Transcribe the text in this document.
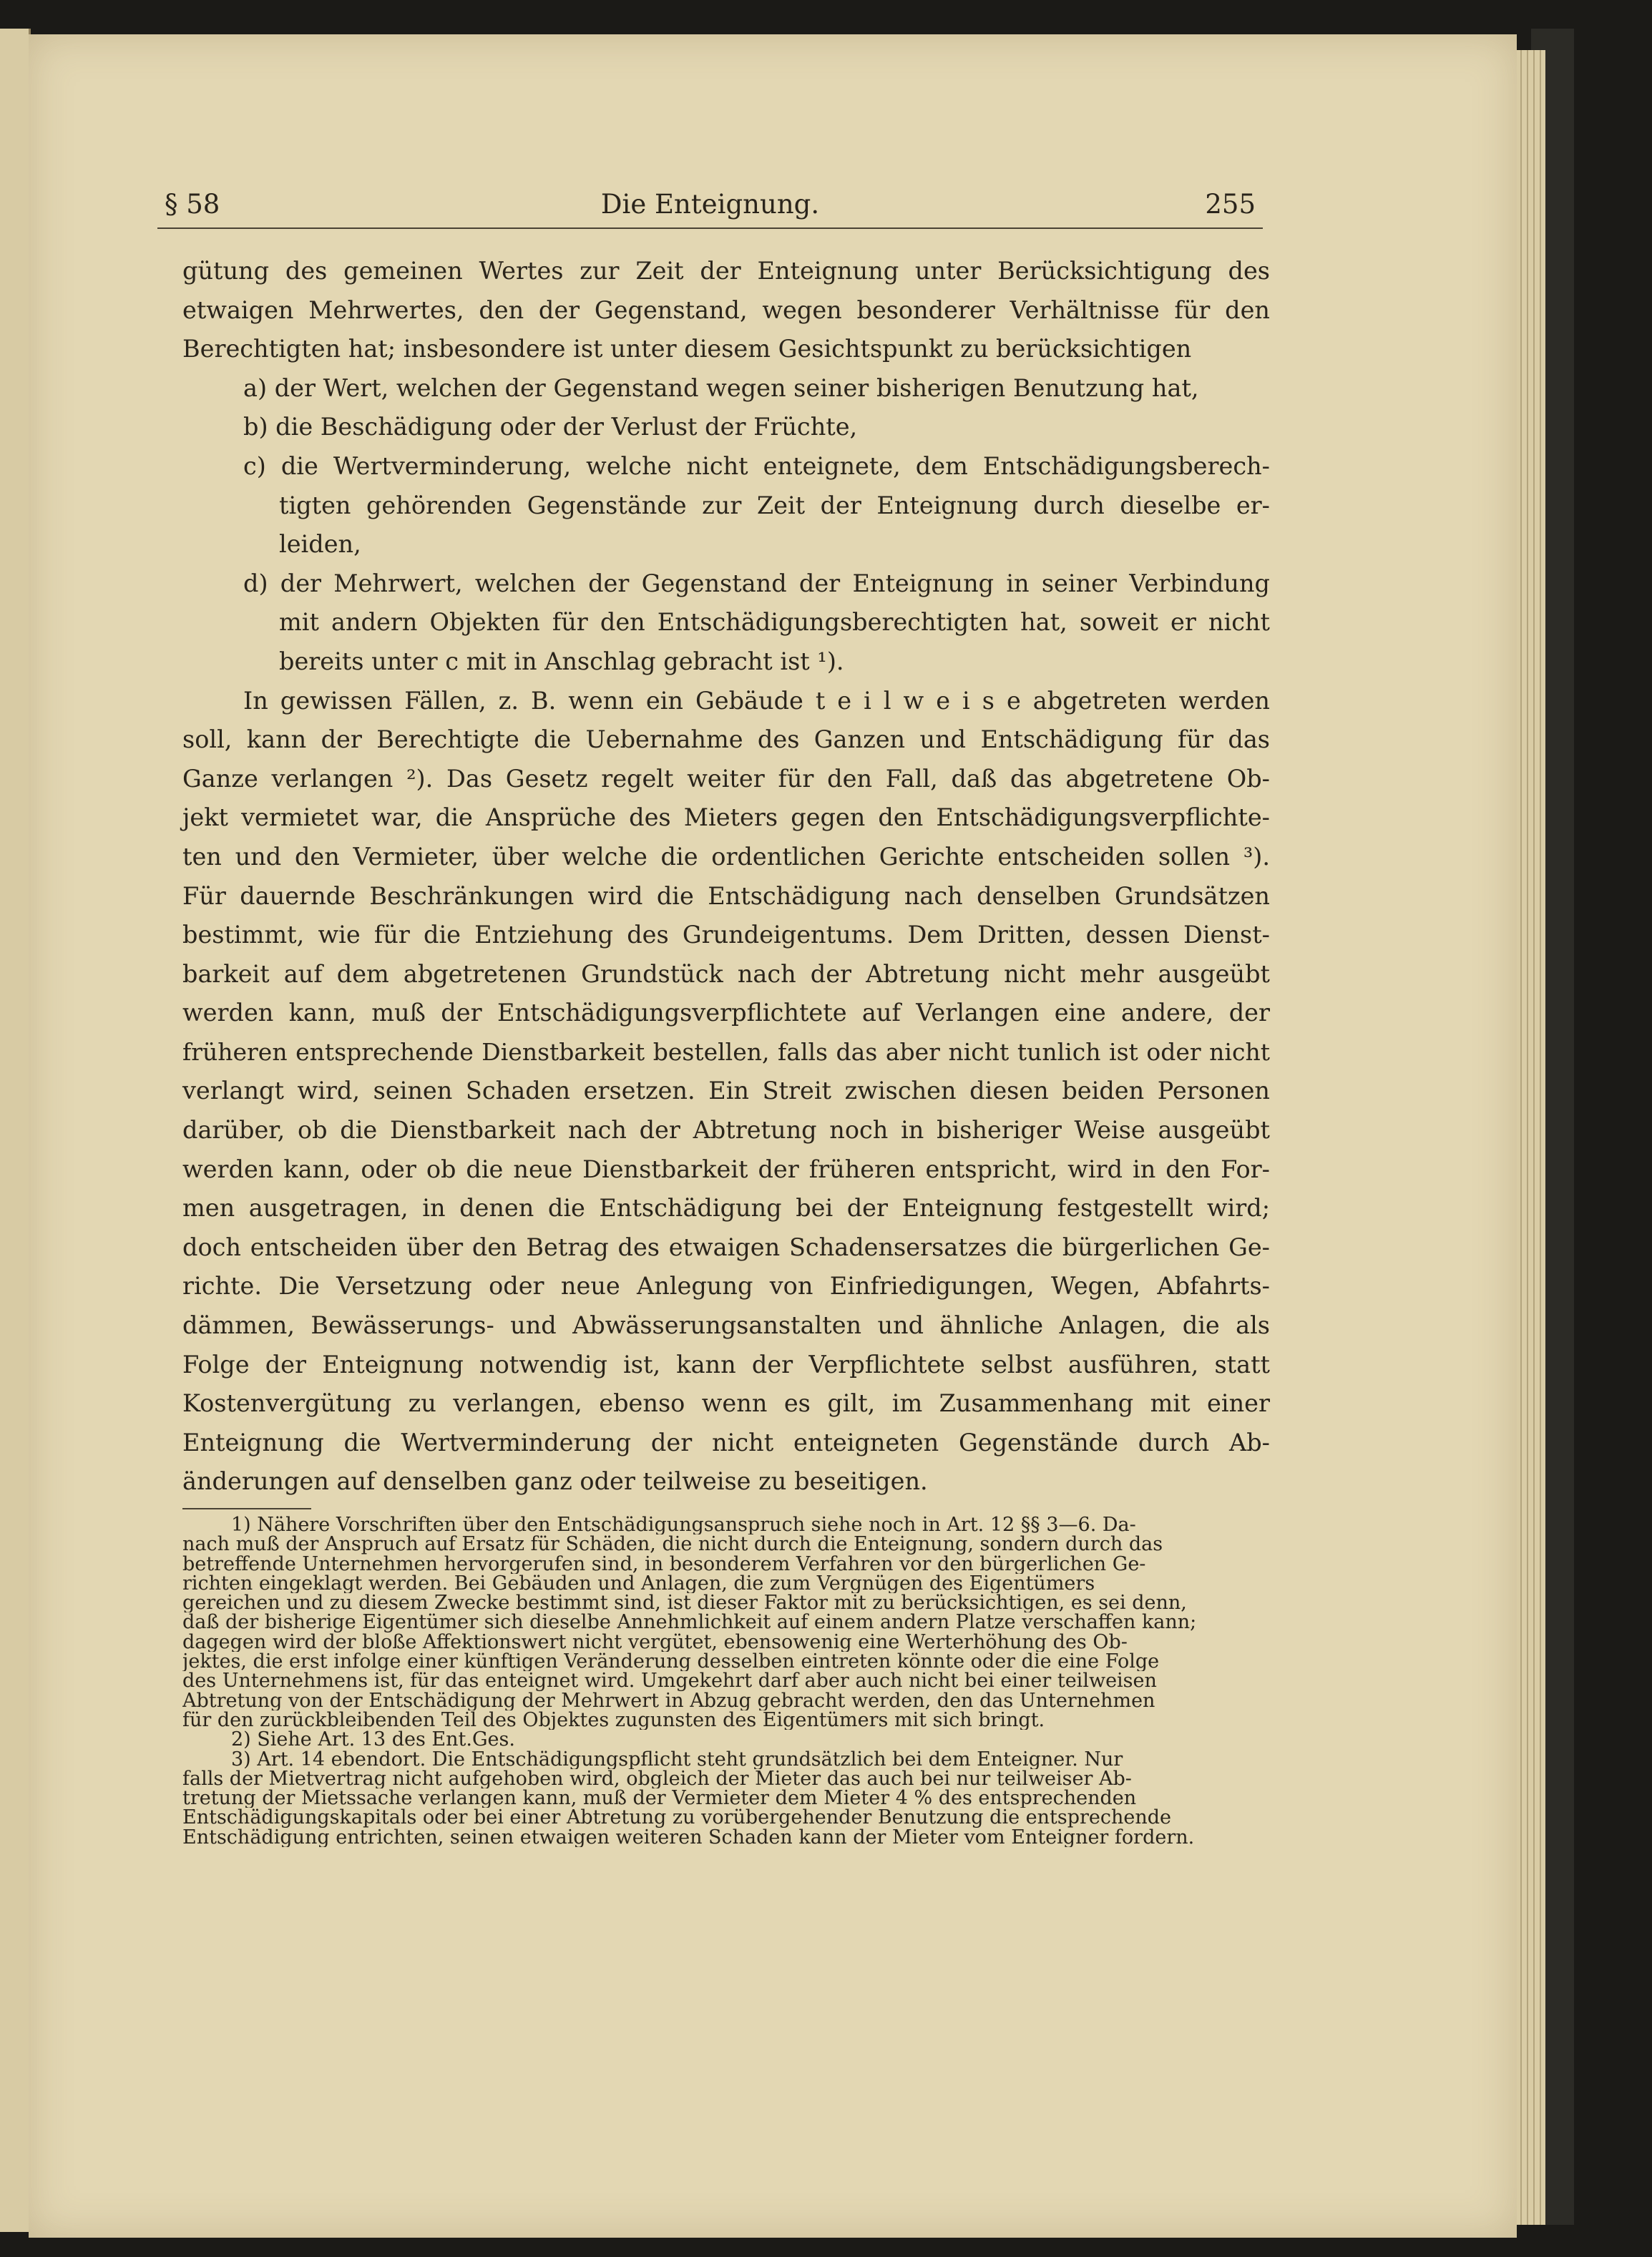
§ 58	Die Enteignung.	255
gütung des gemeinen Wertes zur Zeit der Enteignung unter Berücksichtigung des
etwaigen Mehrwertes, den der Gegenstand, wegen besonderer Verhältnisse für den
Berechtigten hat; insbesondere ist unter diesem Gesichtspunkt zu berücksichtigen
a) der Wert, welchen der Gegenstand wegen seiner bisherigen Benutzung hat,
b) die Beschädigung oder der Verlust der Früchte,
c) die Wertverminderung, welche nicht enteignete, dem Entschädigungsberech-
tigten gehörenden Gegenstände zur Zeit der Enteignung durch dieselbe er-
leiden,
d) der Mehrwert, welchen der Gegenstand der Enteignung in seiner Verbindung
mit andern Objekten für den Entschädigungsberechtigten hat, soweit er nicht
bereits unter c mit in Anschlag gebracht ist ¹).
In gewissen Fällen, z. B. wenn ein Gebäude t e i l w e i s e abgetreten werden
soll, kann der Berechtigte die Uebernahme des Ganzen und Entschädigung für das
Ganze verlangen ²). Das Gesetz regelt weiter für den Fall, daß das abgetretene Ob-
jekt vermietet war, die Ansprüche des Mieters gegen den Entschädigungsverpflichte-
ten und den Vermieter, über welche die ordentlichen Gerichte entscheiden sollen ³).
Für dauernde Beschränkungen wird die Entschädigung nach denselben Grundsätzen
bestimmt, wie für die Entziehung des Grundeigentums. Dem Dritten, dessen Dienst-
barkeit auf dem abgetretenen Grundstück nach der Abtretung nicht mehr ausgeübt
werden kann, muß der Entschädigungsverpflichtete auf Verlangen eine andere, der
früheren entsprechende Dienstbarkeit bestellen, falls das aber nicht tunlich ist oder nicht
verlangt wird, seinen Schaden ersetzen. Ein Streit zwischen diesen beiden Personen
darüber, ob die Dienstbarkeit nach der Abtretung noch in bisheriger Weise ausgeübt
werden kann, oder ob die neue Dienstbarkeit der früheren entspricht, wird in den For-
men ausgetragen, in denen die Entschädigung bei der Enteignung festgestellt wird;
doch entscheiden über den Betrag des etwaigen Schadensersatzes die bürgerlichen Ge-
richte. Die Versetzung oder neue Anlegung von Einfriedigungen, Wegen, Abfahrts-
dämmen, Bewässerungs- und Abwässerungsanstalten und ähnliche Anlagen, die als
Folge der Enteignung notwendig ist, kann der Verpflichtete selbst ausführen, statt
Kostenvergütung zu verlangen, ebenso wenn es gilt, im Zusammenhang mit einer
Enteignung die Wertverminderung der nicht enteigneten Gegenstände durch Ab-
änderungen auf denselben ganz oder teilweise zu beseitigen.
1) Nähere Vorschriften über den Entschädigungsanspruch siehe noch in Art. 12 §§ 3—6. Da-
nach muß der Anspruch auf Ersatz für Schäden, die nicht durch die Enteignung, sondern durch das
betreffende Unternehmen hervorgerufen sind, in besonderem Verfahren vor den bürgerlichen Ge-
richten eingeklagt werden. Bei Gebäuden und Anlagen, die zum Vergnügen des Eigentümers
gereichen und zu diesem Zwecke bestimmt sind, ist dieser Faktor mit zu berücksichtigen, es sei denn,
daß der bisherige Eigentümer sich dieselbe Annehmlichkeit auf einem andern Platze verschaffen kann;
dagegen wird der bloße Affektionswert nicht vergütet, ebensowenig eine Werterhöhung des Ob-
jektes, die erst infolge einer künftigen Veränderung desselben eintreten könnte oder die eine Folge
des Unternehmens ist, für das enteignet wird. Umgekehrt darf aber auch nicht bei einer teilweisen
Abtretung von der Entschädigung der Mehrwert in Abzug gebracht werden, den das Unternehmen
für den zurückbleibenden Teil des Objektes zugunsten des Eigentümers mit sich bringt.
2) Siehe Art. 13 des Ent.Ges.
3) Art. 14 ebendort. Die Entschädigungspflicht steht grundsätzlich bei dem Enteigner. Nur
falls der Mietvertrag nicht aufgehoben wird, obgleich der Mieter das auch bei nur teilweiser Ab-
tretung der Mietssache verlangen kann, muß der Vermieter dem Mieter 4 % des entsprechenden
Entschädigungskapitals oder bei einer Abtretung zu vorübergehender Benutzung die entsprechende
Entschädigung entrichten, seinen etwaigen weiteren Schaden kann der Mieter vom Enteigner fordern.
